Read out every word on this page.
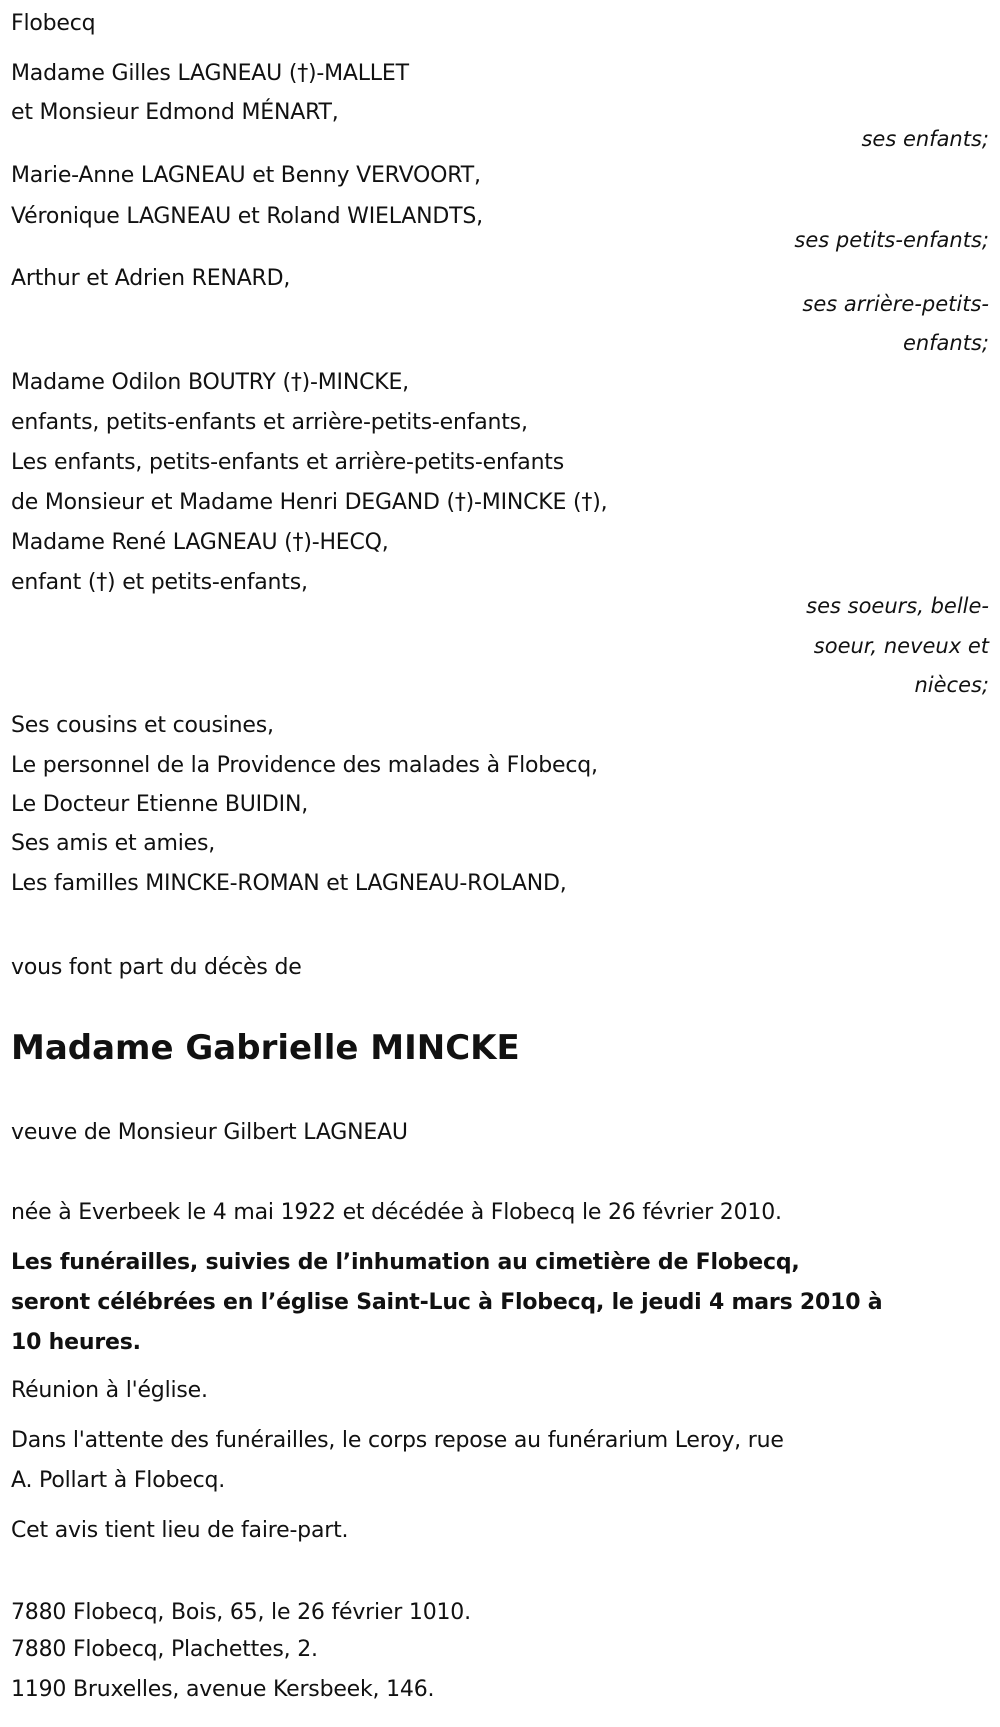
Flobecq
Madame Gilles LAGNEAU (†)-MALLET
et Monsieur Edmond MÉNART,
ses enfants;
Marie-Anne LAGNEAU et Benny VERVOORT,
Véronique LAGNEAU et Roland WIELANDTS,
ses petits-enfants;
Arthur et Adrien RENARD,
ses arrière-petits-
enfants;
Madame Odilon BOUTRY (†)-MINCKE,
enfants, petits-enfants et arrière-petits-enfants,
Les enfants, petits-enfants et arrière-petits-enfants
de Monsieur et Madame Henri DEGAND (†)-MINCKE (†),
Madame René LAGNEAU (†)-HECQ,
enfant (†) et petits-enfants,
ses soeurs, belle-
soeur, neveux et
nièces;
Ses cousins et cousines,
Le personnel de la Providence des malades à Flobecq,
Le Docteur Etienne BUIDIN,
Ses amis et amies,
Les familles MINCKE-ROMAN et LAGNEAU-ROLAND,
vous font part du décès de
Madame Gabrielle MINCKE
veuve de Monsieur Gilbert LAGNEAU
née à Everbeek le 4 mai 1922 et décédée à Flobecq le 26 février 2010.
Les funérailles, suivies de l’inhumation au cimetière de Flobecq,
seront célébrées en l’église Saint-Luc à Flobecq, le jeudi 4 mars 2010 à
10 heures.
Réunion à l'église.
Dans l'attente des funérailles, le corps repose au funérarium Leroy, rue
A. Pollart à Flobecq.
Cet avis tient lieu de faire-part.
7880 Flobecq, Bois, 65, le 26 février 1010.
7880 Flobecq, Plachettes, 2.
1190 Bruxelles, avenue Kersbeek, 146.
